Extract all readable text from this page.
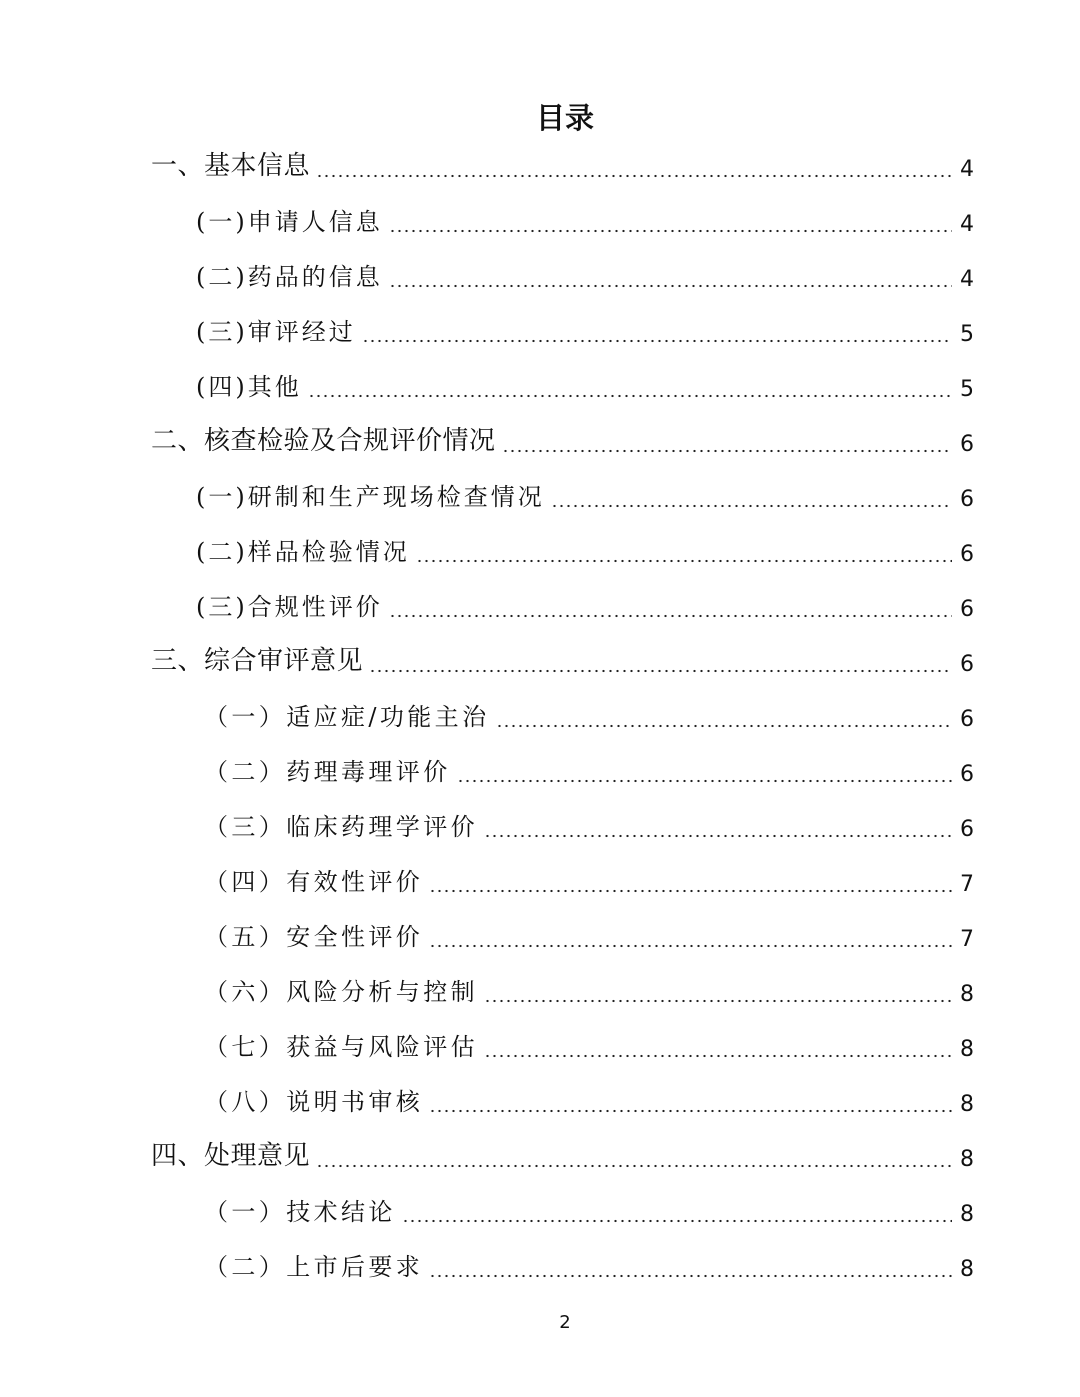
目录
一、基本信息	4
(一)申请人信息	4
(二)药品的信息	4
(三)审评经过	5
(四)其他	5
二、核查检验及合规评价情况	6
(一)研制和生产现场检查情况	6
(二)样品检验情况	6
(三)合规性评价	6
三、综合审评意见	6
（一）适应症/功能主治	6
（二）药理毒理评价	6
（三）临床药理学评价	6
（四）有效性评价	7
（五）安全性评价	7
（六）风险分析与控制	8
（七）获益与风险评估	8
（八）说明书审核	8
四、处理意见	8
（一）技术结论	8
（二）上市后要求	8
2
